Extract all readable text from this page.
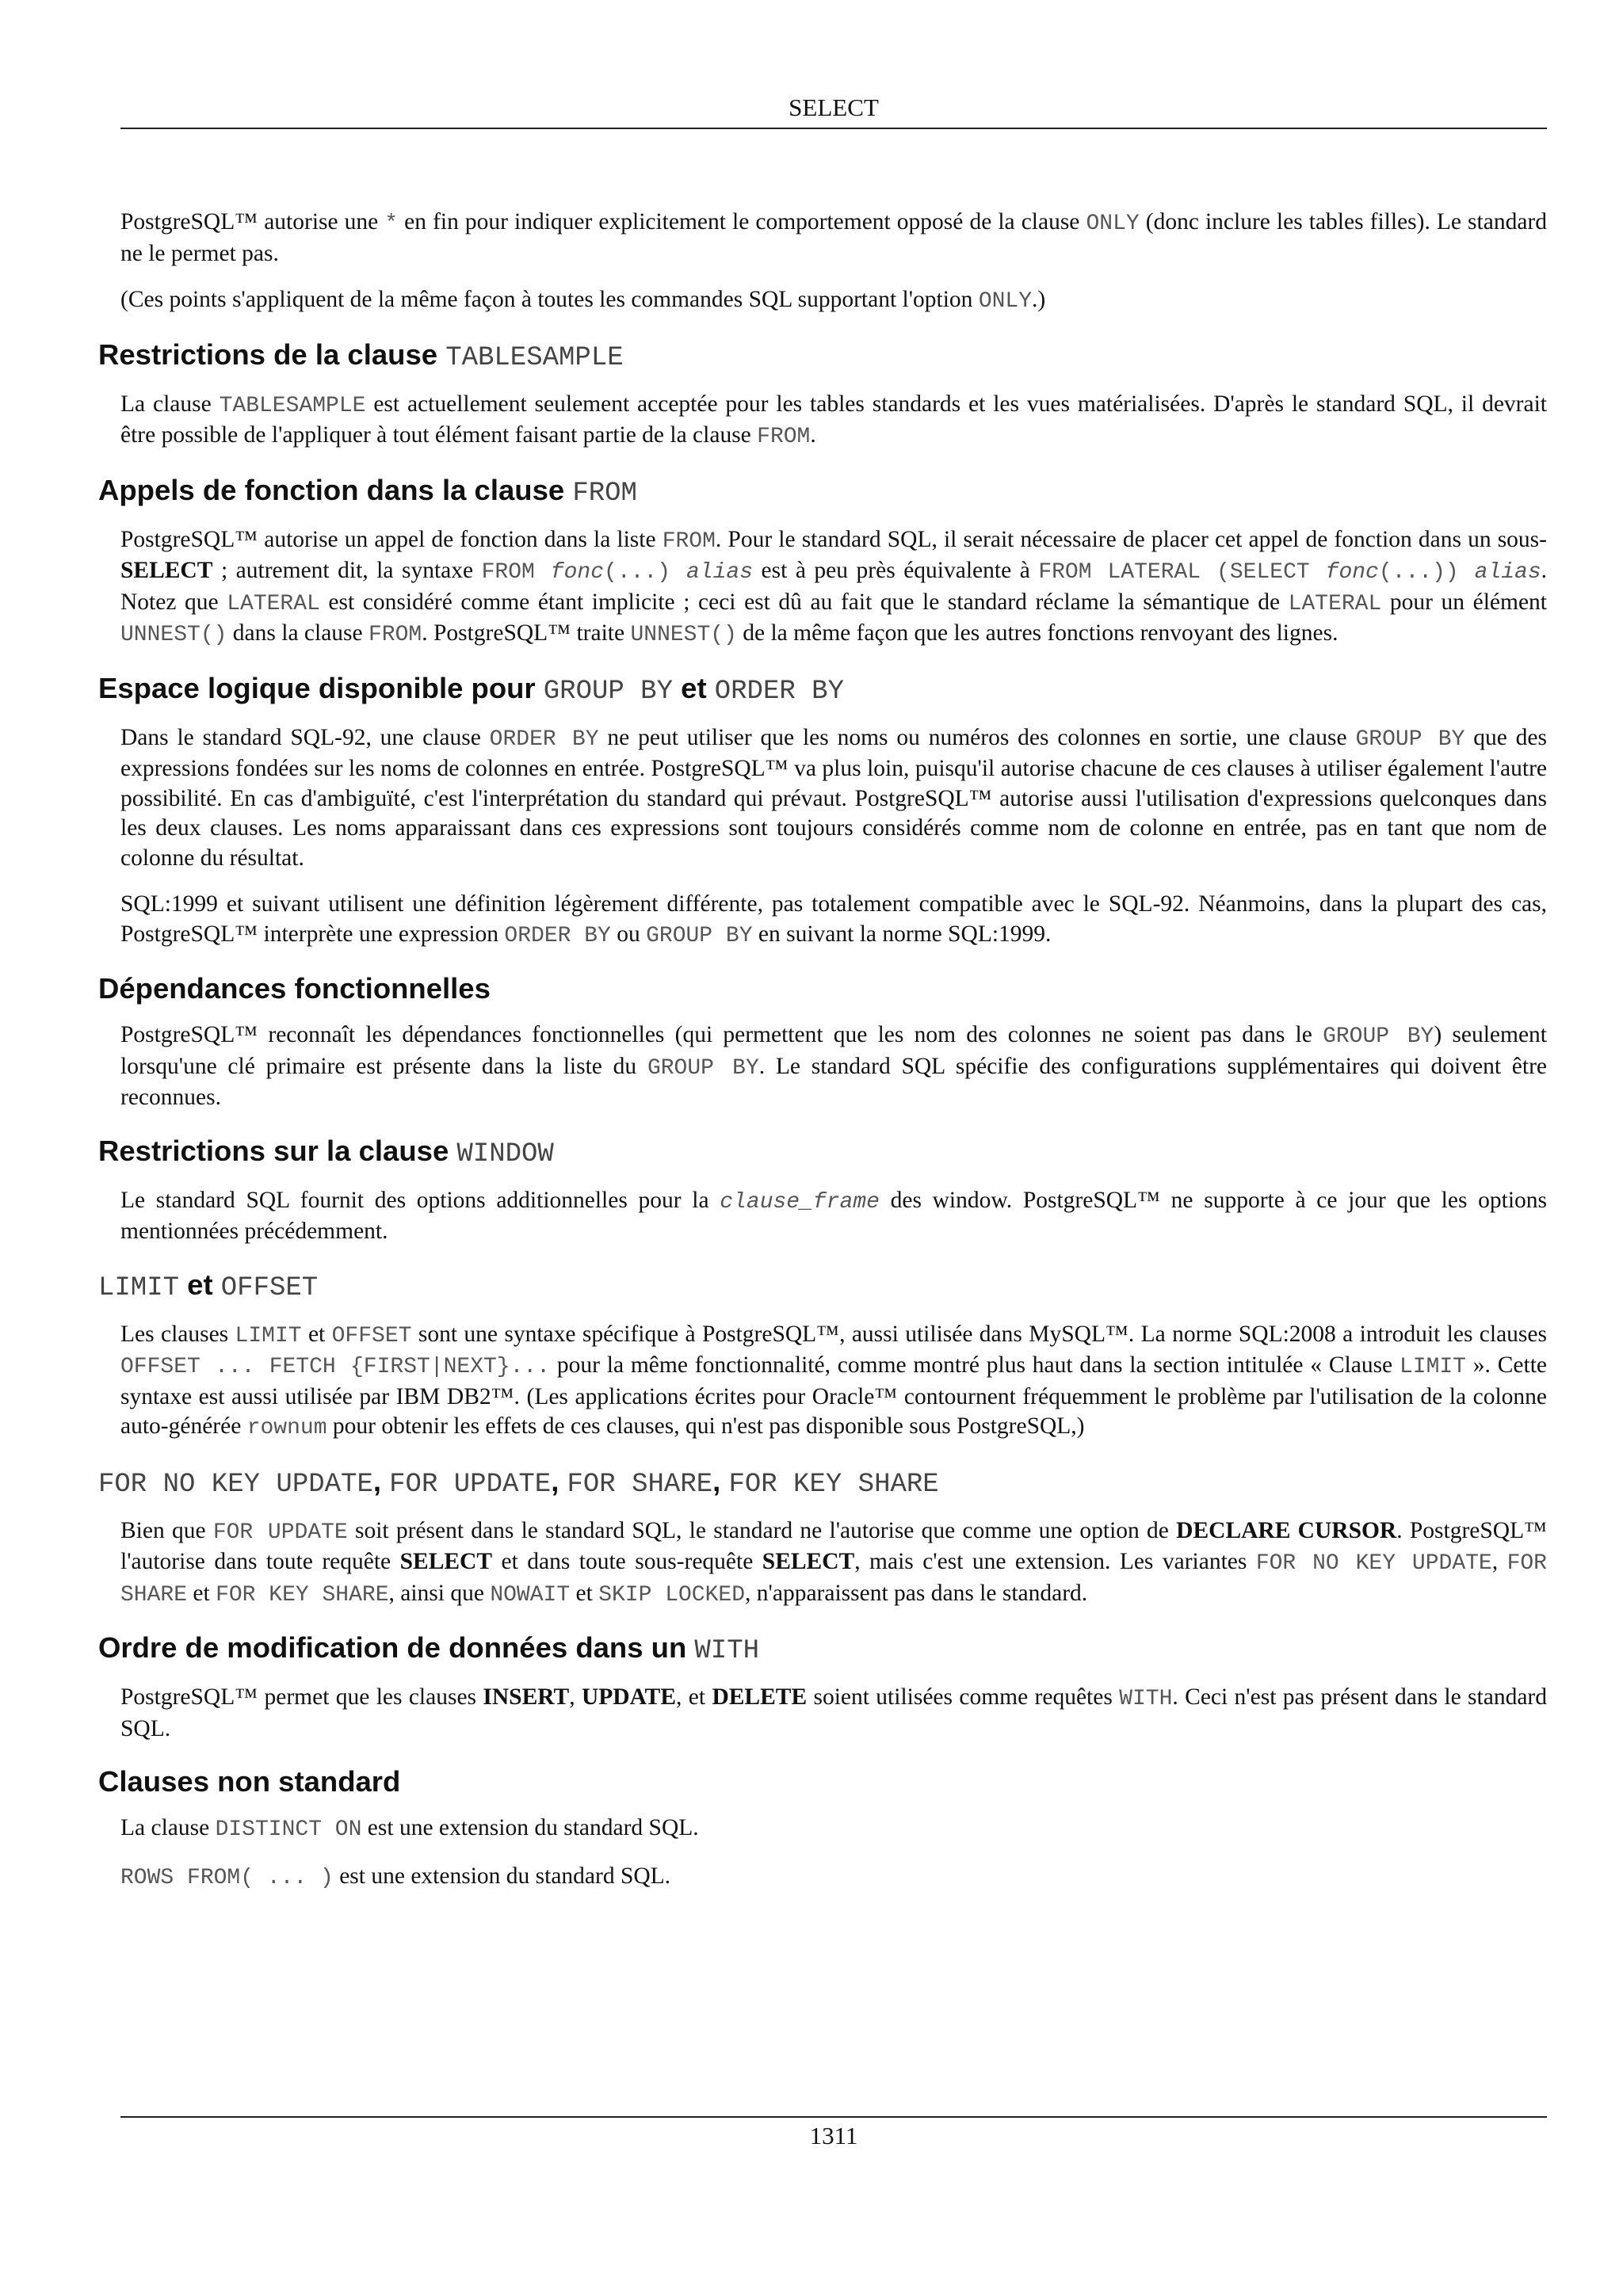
SELECT

PostgreSQL™ autorise une * en fin pour indiquer explicitement le comportement opposé de la clause ONLY (donc inclure les tables filles). Le standard ne le permet pas.

(Ces points s'appliquent de la même façon à toutes les commandes SQL supportant l'option ONLY.)

Restrictions de la clause TABLESAMPLE

La clause TABLESAMPLE est actuellement seulement acceptée pour les tables standards et les vues matérialisées. D'après le standard SQL, il devrait être possible de l'appliquer à tout élément faisant partie de la clause FROM.

Appels de fonction dans la clause FROM

PostgreSQL™ autorise un appel de fonction dans la liste FROM. Pour le standard SQL, il serait nécessaire de placer cet appel de fonction dans un sous-SELECT ; autrement dit, la syntaxe FROM fonc(...) alias est à peu près équivalente à FROM LATERAL (SELECT fonc(...)) alias. Notez que LATERAL est considéré comme étant implicite ; ceci est dû au fait que le standard réclame la sémantique de LATERAL pour un élément UNNEST() dans la clause FROM. PostgreSQL™ traite UNNEST() de la même façon que les autres fonctions renvoyant des lignes.

Espace logique disponible pour GROUP BY et ORDER BY

Dans le standard SQL-92, une clause ORDER BY ne peut utiliser que les noms ou numéros des colonnes en sortie, une clause GROUP BY que des expressions fondées sur les noms de colonnes en entrée. PostgreSQL™ va plus loin, puisqu'il autorise chacune de ces clauses à utiliser également l'autre possibilité. En cas d'ambiguïté, c'est l'interprétation du standard qui prévaut. PostgreSQL™ autorise aussi l'utilisation d'expressions quelconques dans les deux clauses. Les noms apparaissant dans ces expressions sont toujours considérés comme nom de colonne en entrée, pas en tant que nom de colonne du résultat.

SQL:1999 et suivant utilisent une définition légèrement différente, pas totalement compatible avec le SQL-92. Néanmoins, dans la plupart des cas, PostgreSQL™ interprète une expression ORDER BY ou GROUP BY en suivant la norme SQL:1999.

Dépendances fonctionnelles

PostgreSQL™ reconnaît les dépendances fonctionnelles (qui permettent que les nom des colonnes ne soient pas dans le GROUP BY) seulement lorsqu'une clé primaire est présente dans la liste du GROUP BY. Le standard SQL spécifie des configurations supplémentaires qui doivent être reconnues.

Restrictions sur la clause WINDOW

Le standard SQL fournit des options additionnelles pour la clause_frame des window. PostgreSQL™ ne supporte à ce jour que les options mentionnées précédemment.

LIMIT et OFFSET

Les clauses LIMIT et OFFSET sont une syntaxe spécifique à PostgreSQL™, aussi utilisée dans MySQL™. La norme SQL:2008 a introduit les clauses OFFSET ... FETCH {FIRST|NEXT}... pour la même fonctionnalité, comme montré plus haut dans la section intitulée « Clause LIMIT ». Cette syntaxe est aussi utilisée par IBM DB2™. (Les applications écrites pour Oracle™ contournent fréquemment le problème par l'utilisation de la colonne auto-générée rownum pour obtenir les effets de ces clauses, qui n'est pas disponible sous PostgreSQL,)

FOR NO KEY UPDATE, FOR UPDATE, FOR SHARE, FOR KEY SHARE

Bien que FOR UPDATE soit présent dans le standard SQL, le standard ne l'autorise que comme une option de DECLARE CURSOR. PostgreSQL™ l'autorise dans toute requête SELECT et dans toute sous-requête SELECT, mais c'est une extension. Les variantes FOR NO KEY UPDATE, FOR SHARE et FOR KEY SHARE, ainsi que NOWAIT et SKIP LOCKED, n'apparaissent pas dans le standard.

Ordre de modification de données dans un WITH

PostgreSQL™ permet que les clauses INSERT, UPDATE, et DELETE soient utilisées comme requêtes WITH. Ceci n'est pas présent dans le standard SQL.

Clauses non standard

La clause DISTINCT ON est une extension du standard SQL.

ROWS FROM( ... ) est une extension du standard SQL.

1311
